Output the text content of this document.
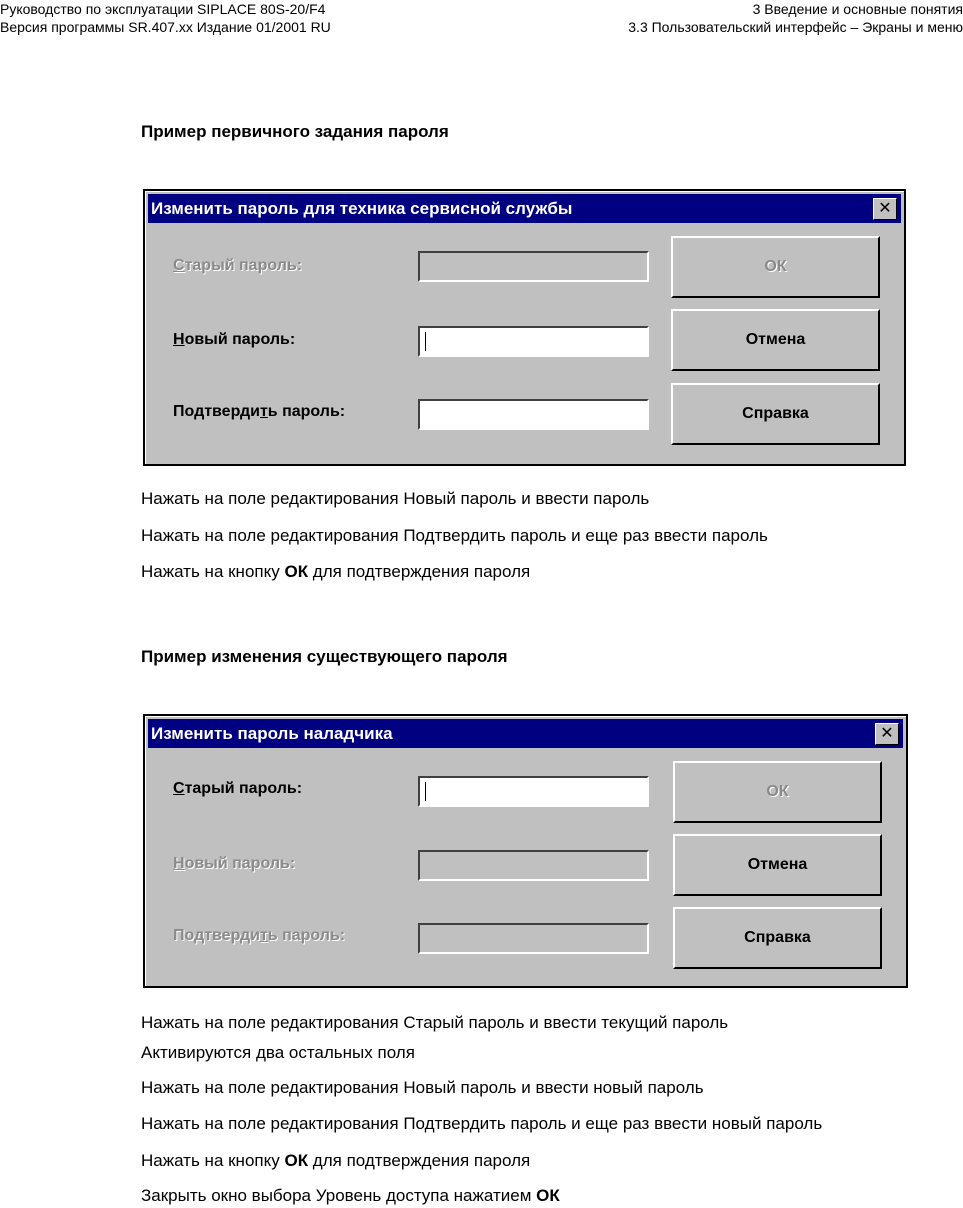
Руководство по эксплуатации SIPLACE 80S-20/F4
Версия программы SR.407.xx Издание 01/2001 RU
3 Введение и основные понятия
3.3 Пользовательский интерфейс – Экраны и меню
Пример первичного задания пароля
Изменить пароль для техника сервисной службы	✕
Старый пароль:
Новый пароль:
Подтвердить пароль:
ОК
Отмена
Справка
Нажать на поле редактирования Новый пароль и ввести пароль
Нажать на поле редактирования Подтвердить пароль и еще раз ввести пароль
Нажать на кнопку ОК для подтверждения пароля
Пример изменения существующего пароля
Изменить пароль наладчика	✕
Старый пароль:
Новый пароль:
Подтвердить пароль:
ОК
Отмена
Справка
Нажать на поле редактирования Старый пароль и ввести текущий пароль
Активируются два остальных поля
Нажать на поле редактирования Новый пароль и ввести новый пароль
Нажать на поле редактирования Подтвердить пароль и еще раз ввести новый пароль
Нажать на кнопку ОК для подтверждения пароля
Закрыть окно выбора Уровень доступа нажатием ОК
